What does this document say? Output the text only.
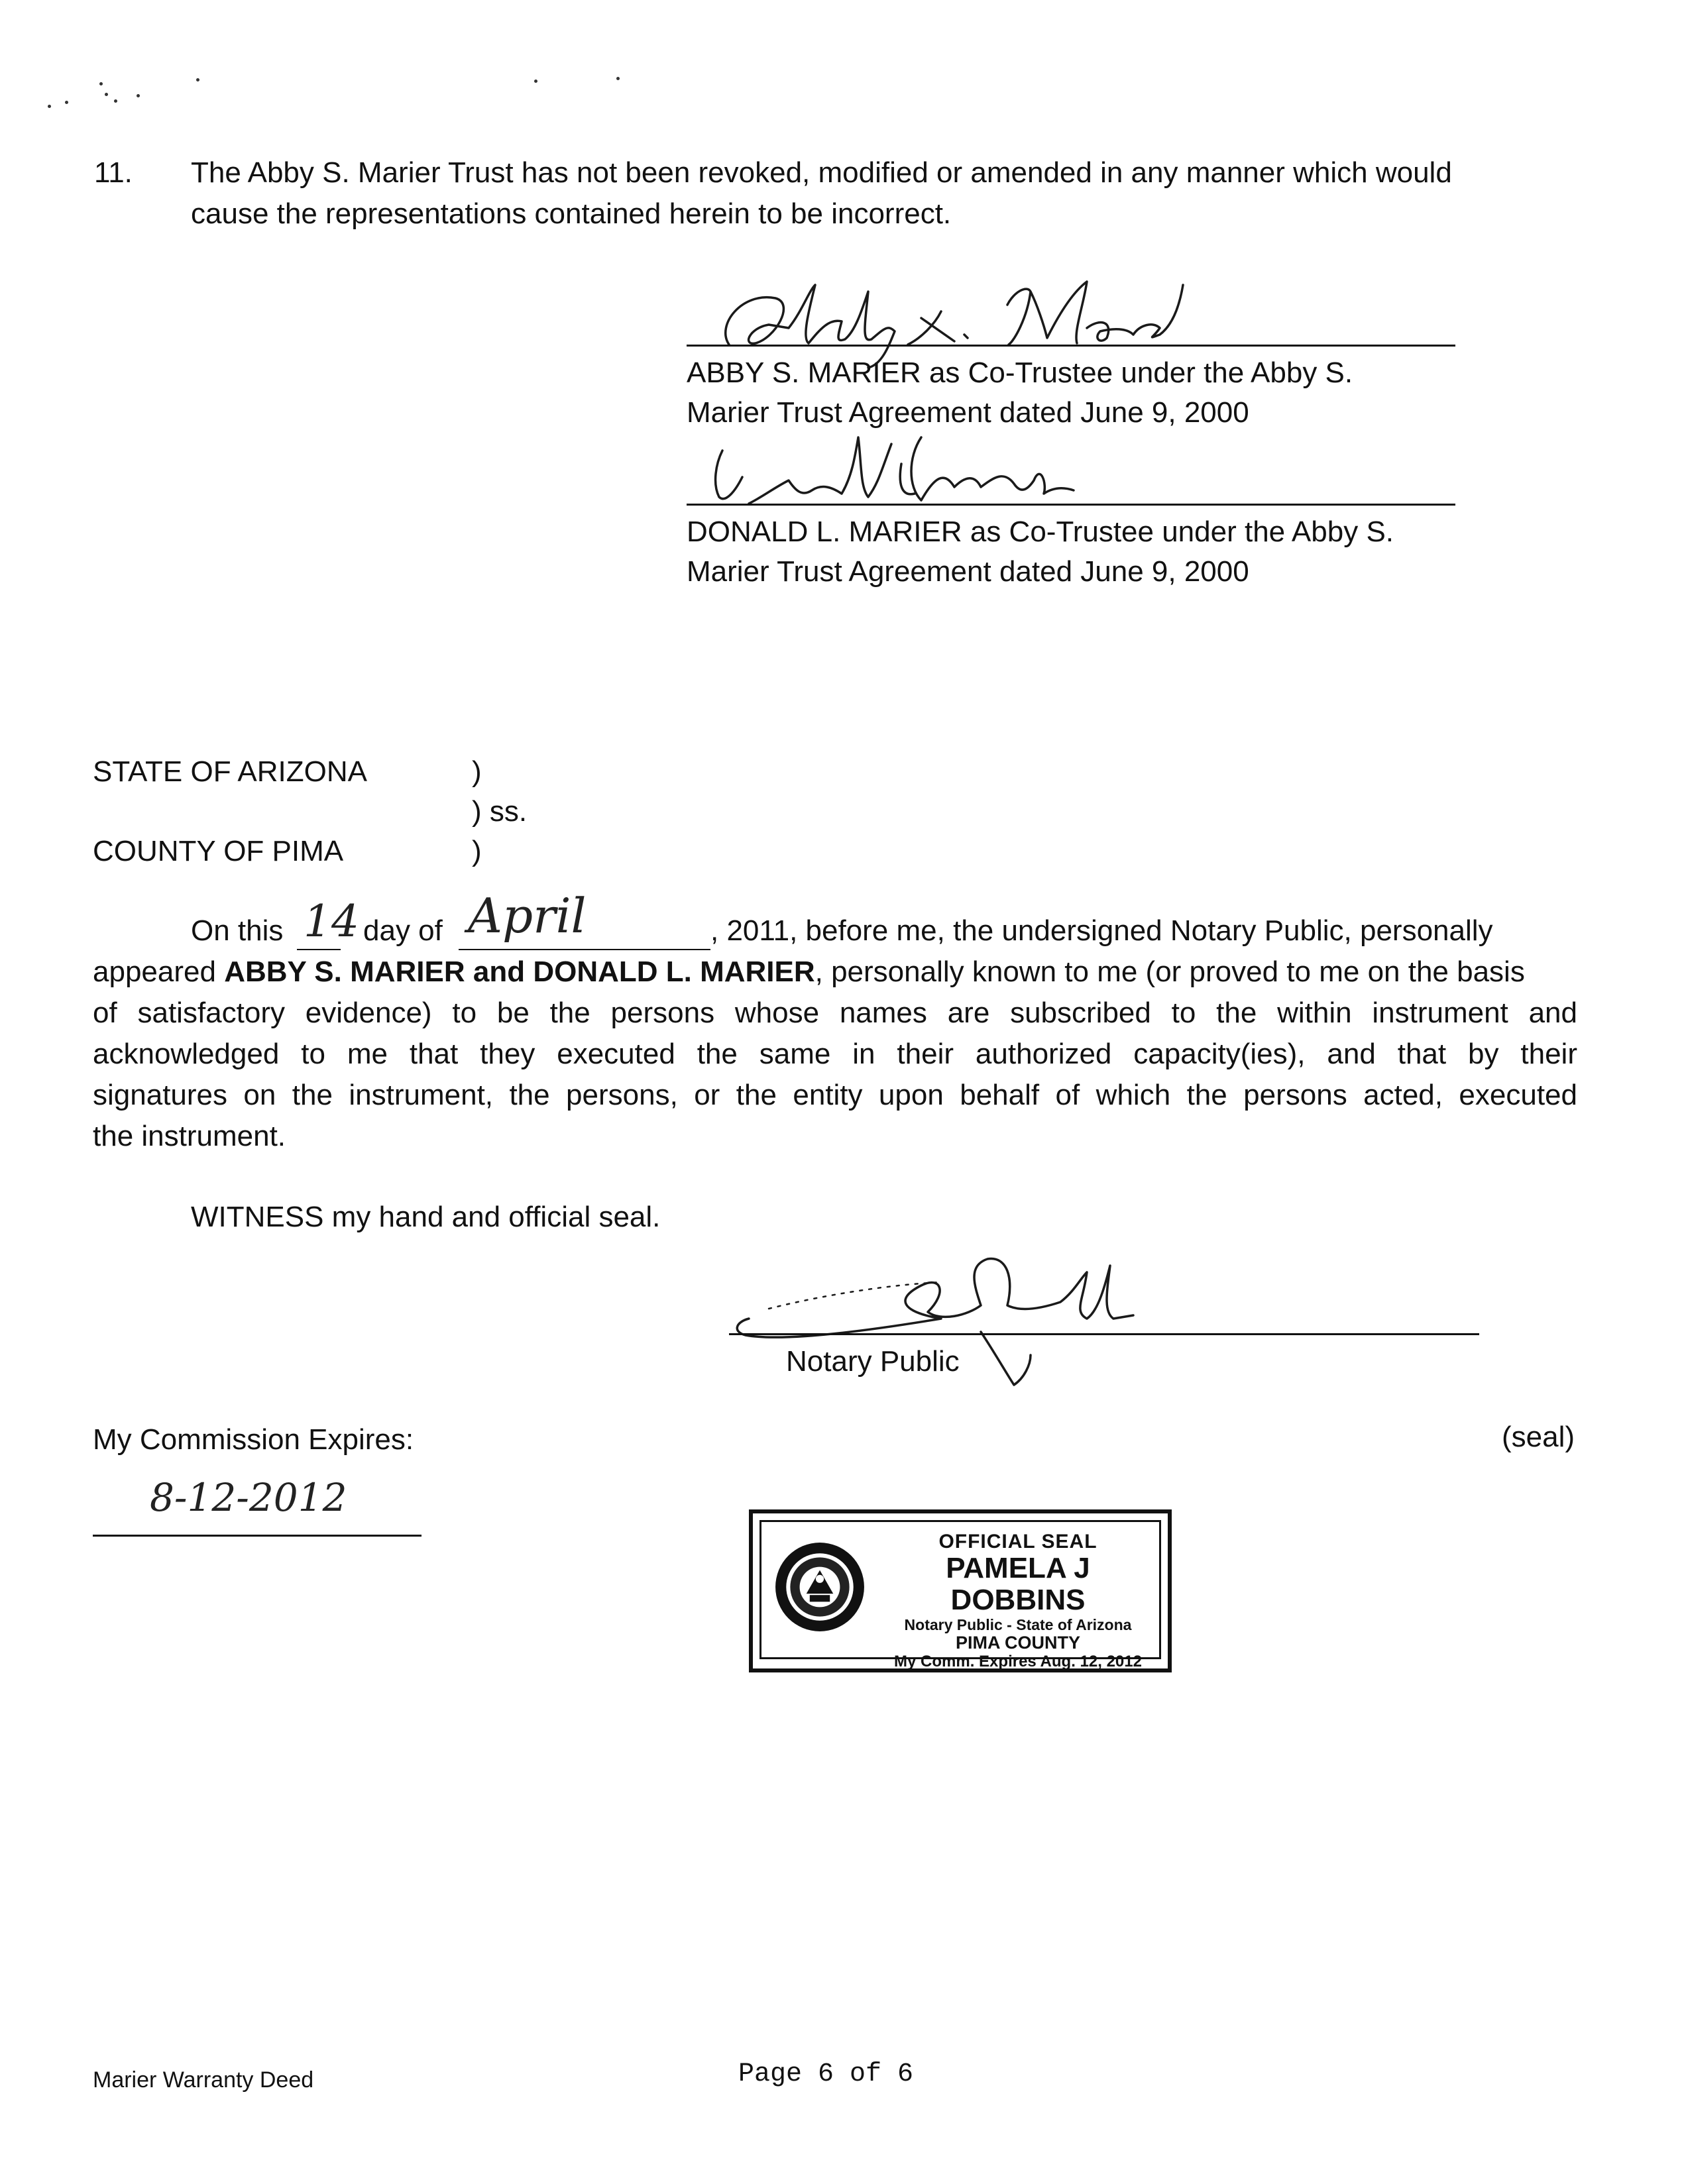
11. The Abby S. Marier Trust has not been revoked, modified or amended in any manner which would
cause the representations contained herein to be incorrect.
ABBY S. MARIER as Co-Trustee under the Abby S.
Marier Trust Agreement dated June 9, 2000
DONALD L. MARIER as Co-Trustee under the Abby S.
Marier Trust Agreement dated June 9, 2000
STATE OF ARIZONA	)
) ss.
COUNTY OF PIMA	)
On this 14 day of April	, 2011, before me, the undersigned Notary Public, personally
appeared ABBY S. MARIER and DONALD L. MARIER, personally known to me (or proved to me on the basis
of satisfactory evidence) to be the persons whose names are subscribed to the within instrument and
acknowledged to me that they executed the same in their authorized capacity(ies), and that by their
signatures on the instrument, the persons, or the entity upon behalf of which the persons acted, executed
the instrument.
WITNESS my hand and official seal.
Notary Public
My Commission Expires:	(seal)
8-12-2012
OFFICIAL SEAL
PAMELA J DOBBINS
Notary Public - State of Arizona
PIMA COUNTY
My Comm. Expires Aug. 12, 2012
Marier Warranty Deed	Page 6 of 6
